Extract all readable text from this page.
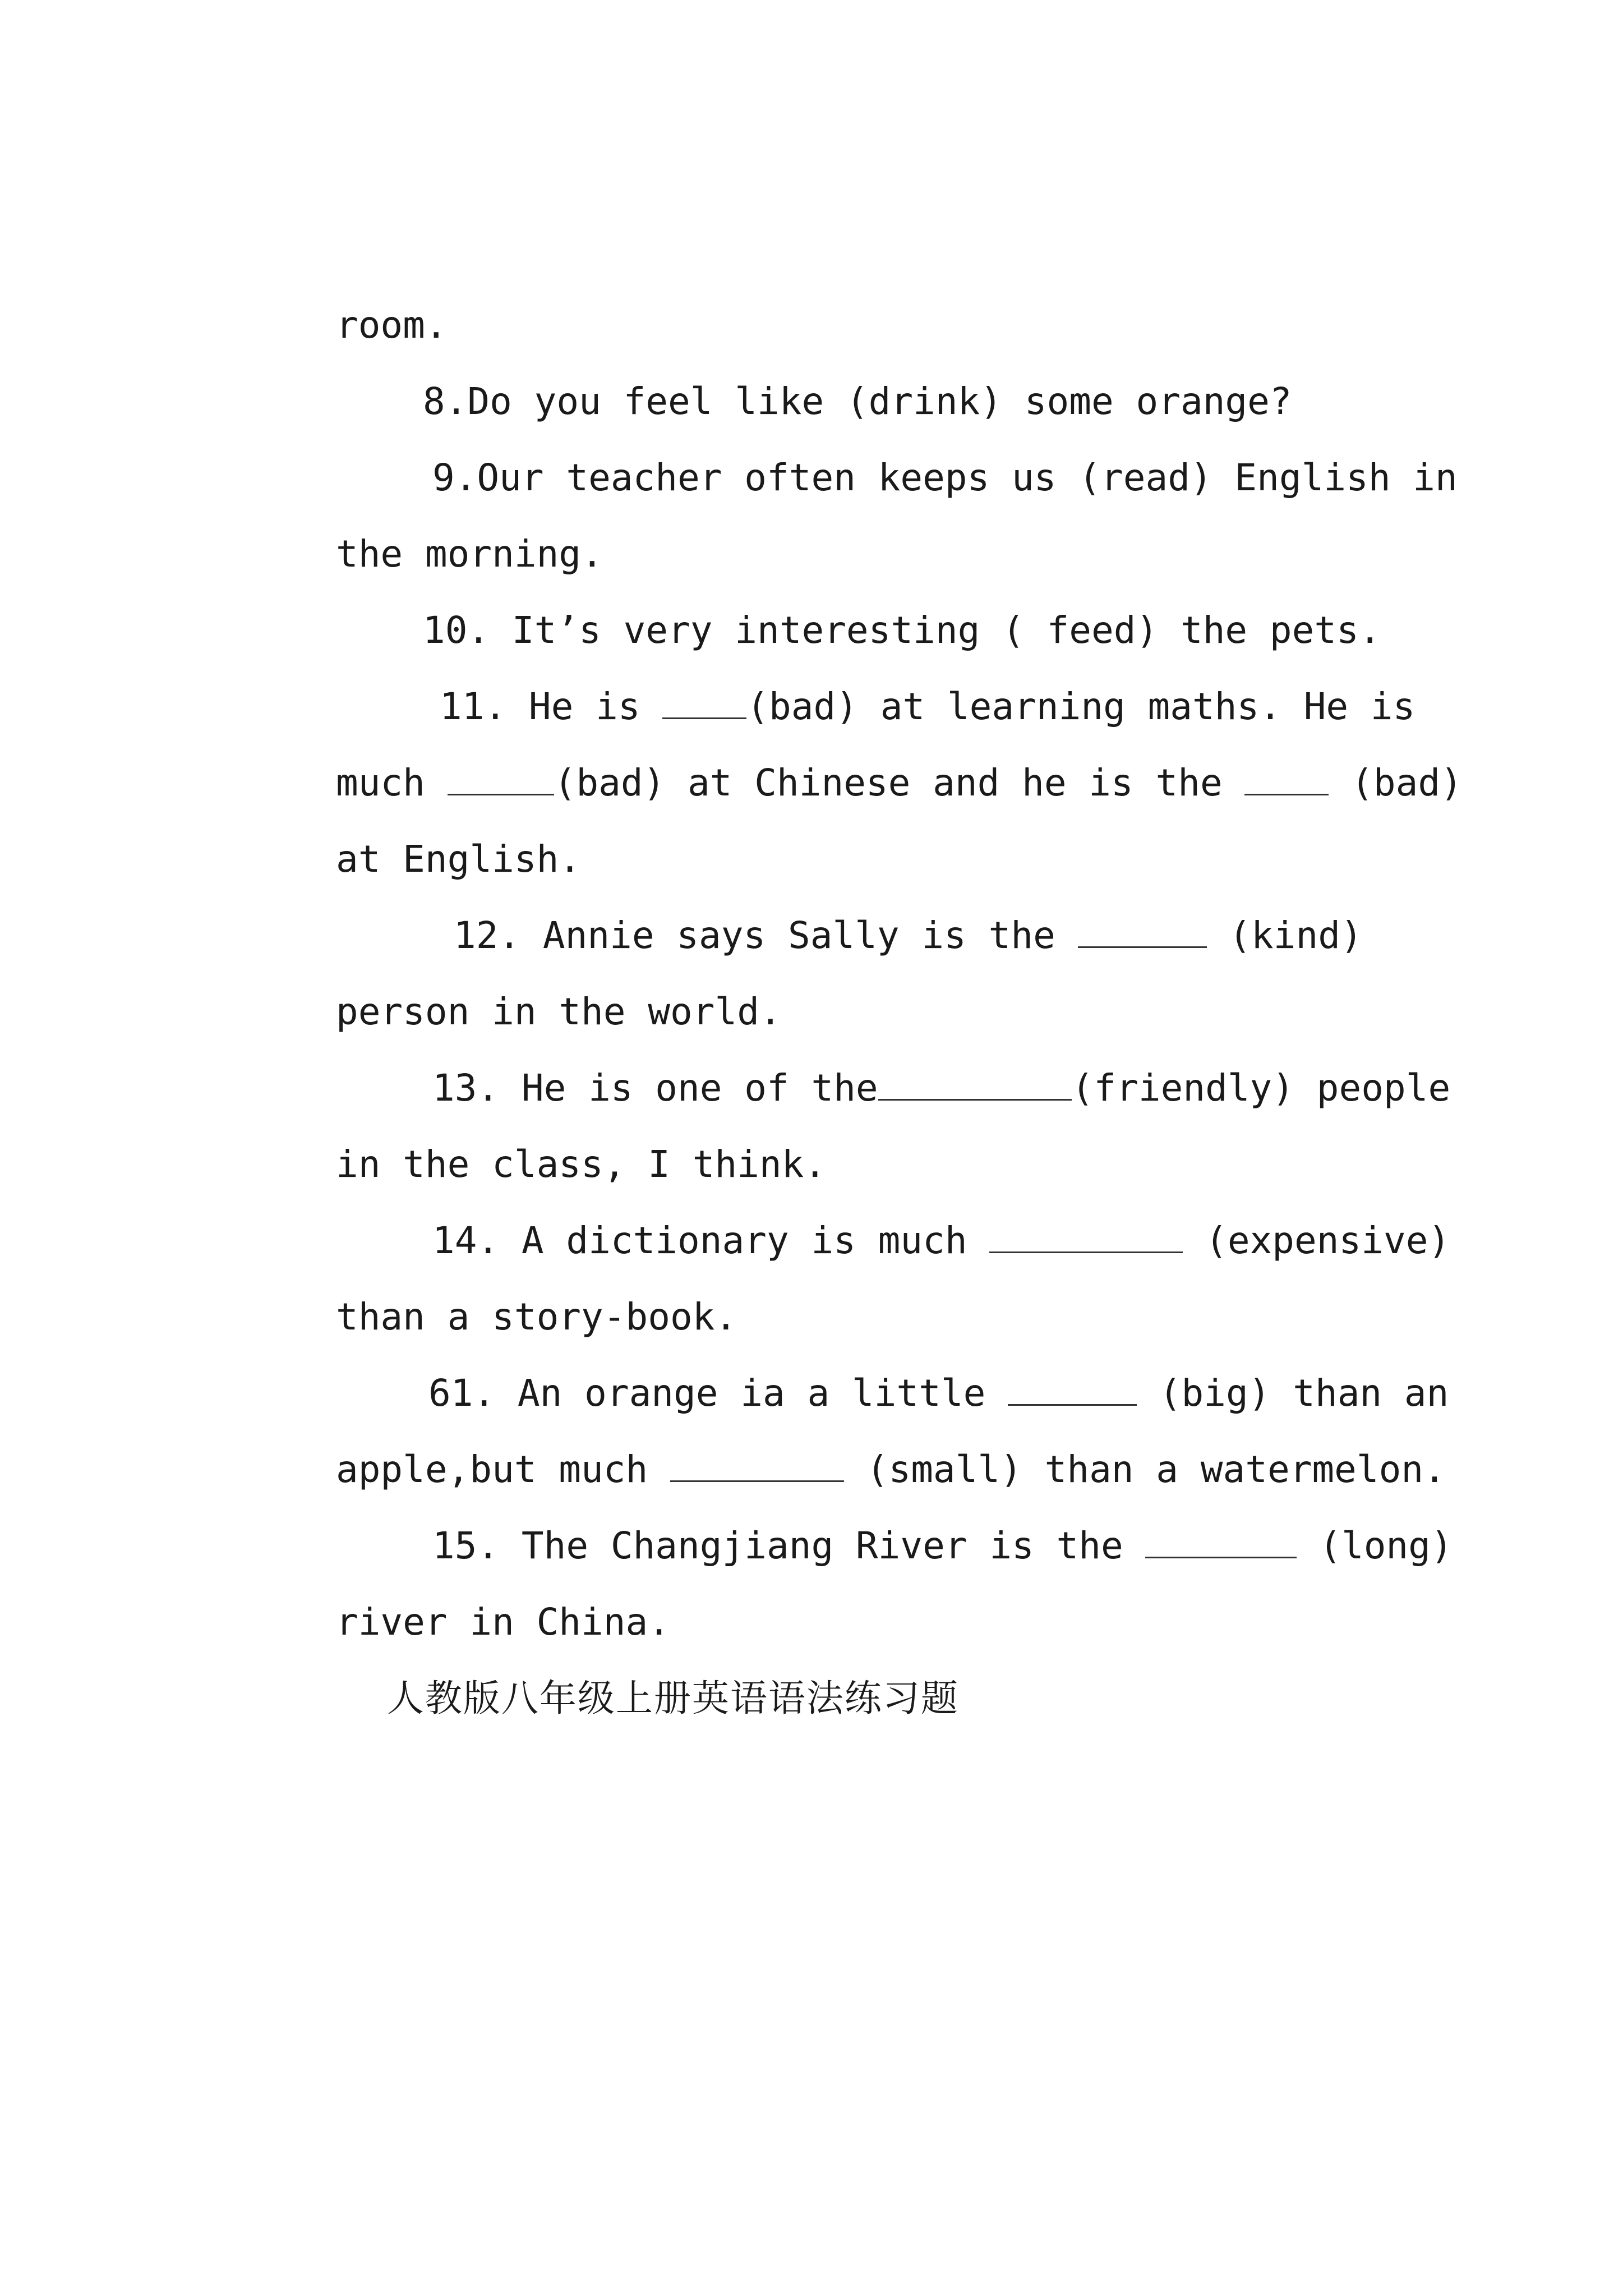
room.

8.Do you feel like (drink) some orange?

9.Our teacher often keeps us (read) English in

the morning.

10. It’s very interesting ( feed) the pets.

11. He is (bad) at learning maths. He is

much	(bad) at Chinese and he is the  (bad)

at English.

12. Annie says Sally is the	(kind)

person in the world.

13. He is one of the	(friendly) people

in the class, I think.

14. A dictionary is much	(expensive)

than a story-book.

61. An orange ia a little	(big) than an

apple,but much	(small) than a watermelon.

15. The Changjiang River is the	(long)

river in China.

人教版八年级上册英语语法练习题
